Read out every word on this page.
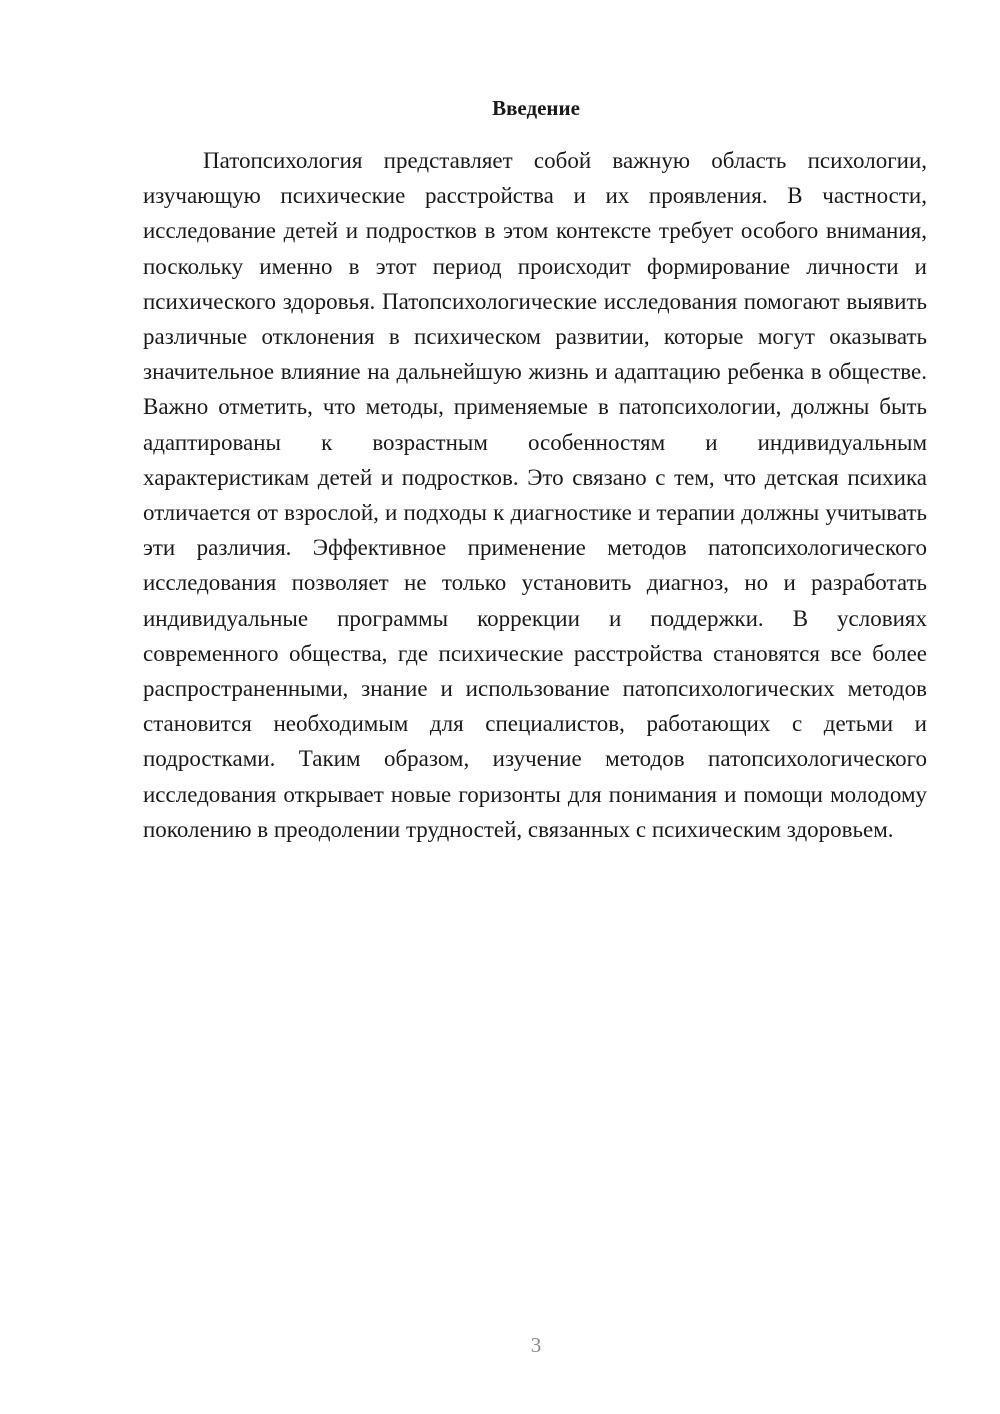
Введение

Патопсихология представляет собой важную область психологии, изучающую психические расстройства и их проявления. В частности, исследование детей и подростков в этом контексте требует особого внимания, поскольку именно в этот период происходит формирование личности и психического здоровья. Патопсихологические исследования помогают выявить различные отклонения в психическом развитии, которые могут оказывать значительное влияние на дальнейшую жизнь и адаптацию ребенка в обществе. Важно отметить, что методы, применяемые в патопсихологии, должны быть адаптированы к возрастным особенностям и индивидуальным характеристикам детей и подростков. Это связано с тем, что детская психика отличается от взрослой, и подходы к диагностике и терапии должны учитывать эти различия. Эффективное применение методов патопсихологического исследования позволяет не только установить диагноз, но и разработать индивидуальные программы коррекции и поддержки. В условиях современного общества, где психические расстройства становятся все более распространенными, знание и использование патопсихологических методов становится необходимым для специалистов, работающих с детьми и подростками. Таким образом, изучение методов патопсихологического исследования открывает новые горизонты для понимания и помощи молодому поколению в преодолении трудностей, связанных с психическим здоровьем.

3
